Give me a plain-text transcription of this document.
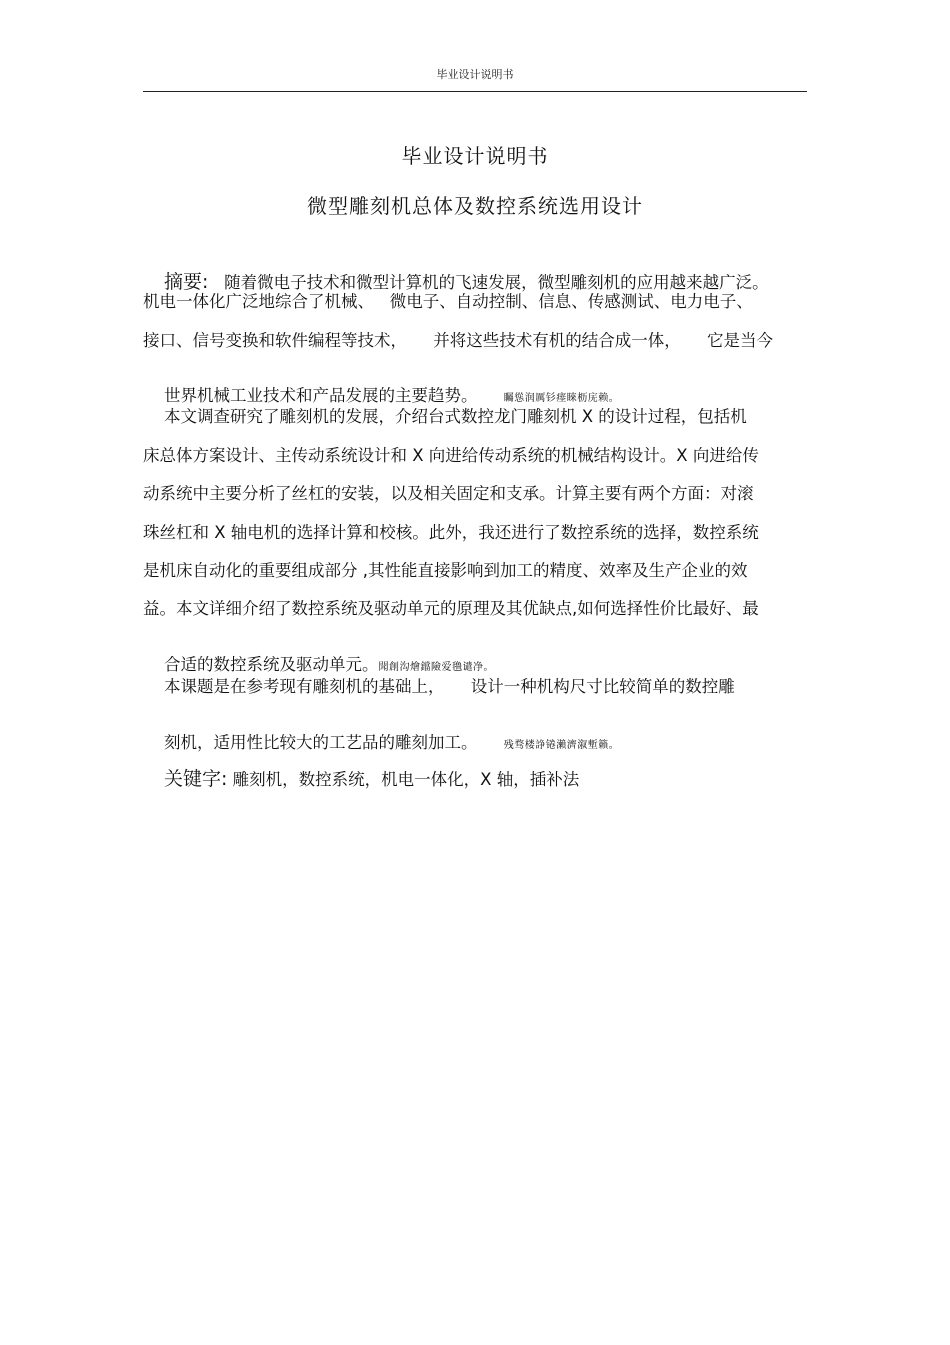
毕业设计说明书
毕业设计说明书
微型雕刻机总体及数控系统选用设计

摘要: 随着微电子技术和微型计算机的飞速发展，微型雕刻机的应用越来越广泛。

机电一体化广泛地综合了机械、   微电子、自动控制、信息、传感测试、电力电子、
接口、信号变换和软件编程等技术，     并将这些技术有机的结合成一体，     它是当今

世界机械工业技术和产品发展的主要趋势。	矚慫润厲钐瘗睞枥庑赖。

本文调查研究了雕刻机的发展，介绍台式数控龙门雕刻机 X 的设计过程，包括机
床总体方案设计、主传动系统设计和 X 向进给传动系统的机械结构设计。X 向进给传
动系统中主要分析了丝杠的安装，以及相关固定和支承。计算主要有两个方面：对滚
珠丝杠和 X 轴电机的选择计算和校核。此外，我还进行了数控系统的选择，数控系统
是机床自动化的重要组成部分 ,其性能直接影响到加工的精度、效率及生产企业的效
益。本文详细介绍了数控系统及驱动单元的原理及其优缺点,如何选择性价比最好、最

合适的数控系统及驱动单元。聞創沟燴鐺險爱氇谴净。

本课题是在参考现有雕刻机的基础上，     设计一种机构尺寸比较简单的数控雕

刻机，适用性比较大的工艺品的雕刻加工。	残骛楼諍锩瀨濟溆塹籟。

关键字: 雕刻机，数控系统，机电一体化，X 轴，插补法
